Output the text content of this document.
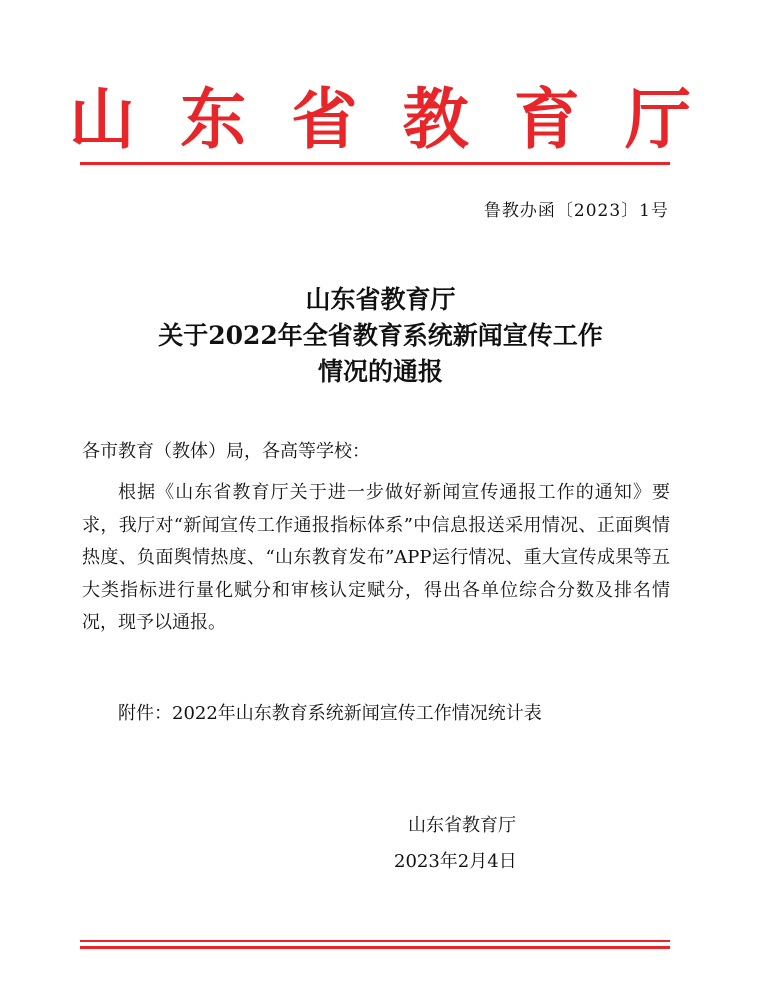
山 东 省 教 育 厅
鲁教办函〔2023〕1号
山东省教育厅
关于2022年全省教育系统新闻宣传工作
情况的通报
各市教育（教体）局，各高等学校：
根据《山东省教育厅关于进一步做好新闻宣传通报工作的通知》要求，我厅对“新闻宣传工作通报指标体系”中信息报送采用情况、正面舆情热度、负面舆情热度、“山东教育发布”APP运行情况、重大宣传成果等五大类指标进行量化赋分和审核认定赋分，得出各单位综合分数及排名情况，现予以通报。
附件：2022年山东教育系统新闻宣传工作情况统计表
山东省教育厅
2023年2月4日
